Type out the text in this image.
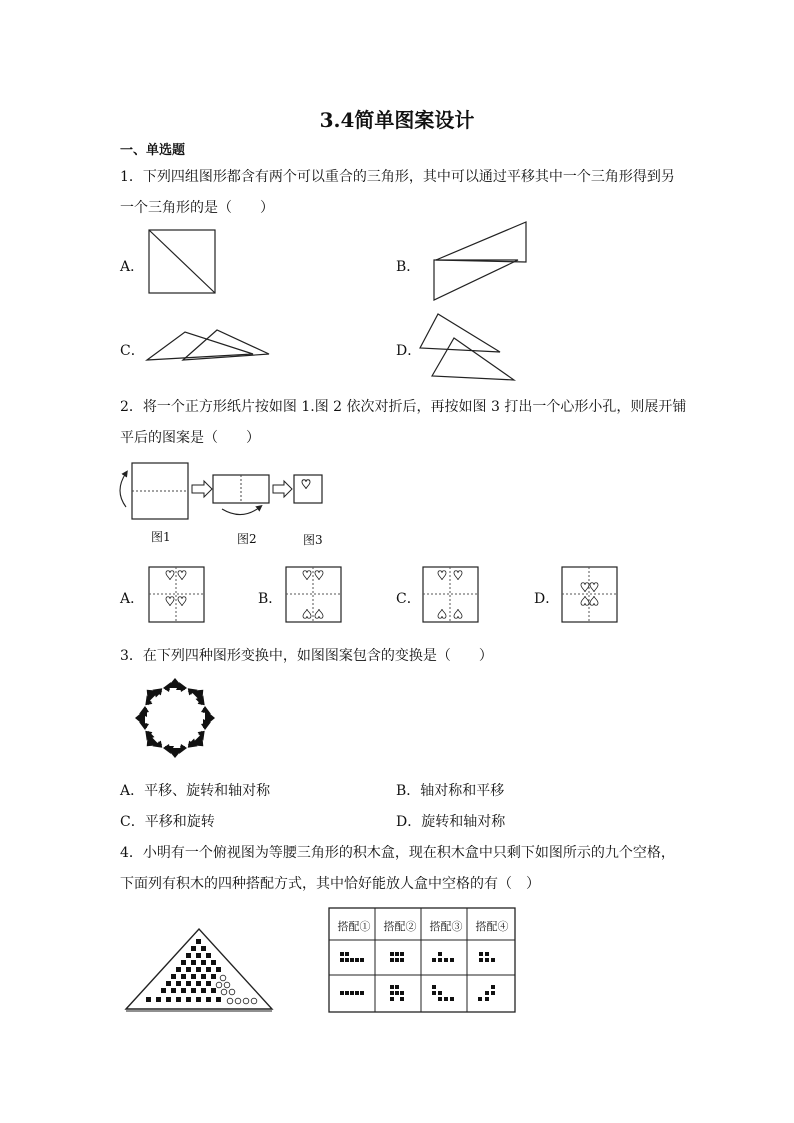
3.4简单图案设计
一、单选题
1．下列四组图形都含有两个可以重合的三角形，其中可以通过平移其中一个三角形得到另
一个三角形的是（　　）
A．	B．
C．	D．
2．将一个正方形纸片按如图 1.图 2 依次对折后，再按如图 3 打出一个心形小孔，则展开铺
平后的图案是（　　）
图1	图2	图3
A．	B．	C．	D．
3．在下列四种图形变换中，如图图案包含的变换是（　　）
A．平移、旋转和轴对称	B．轴对称和平移
C．平移和旋转	D．旋转和轴对称
4．小明有一个俯视图为等腰三角形的积木盒，现在积木盒中只剩下如图所示的九个空格，
下面列有积木的四种搭配方式，其中恰好能放人盒中空格的有（　）
搭配①	搭配②	搭配③	搭配④
